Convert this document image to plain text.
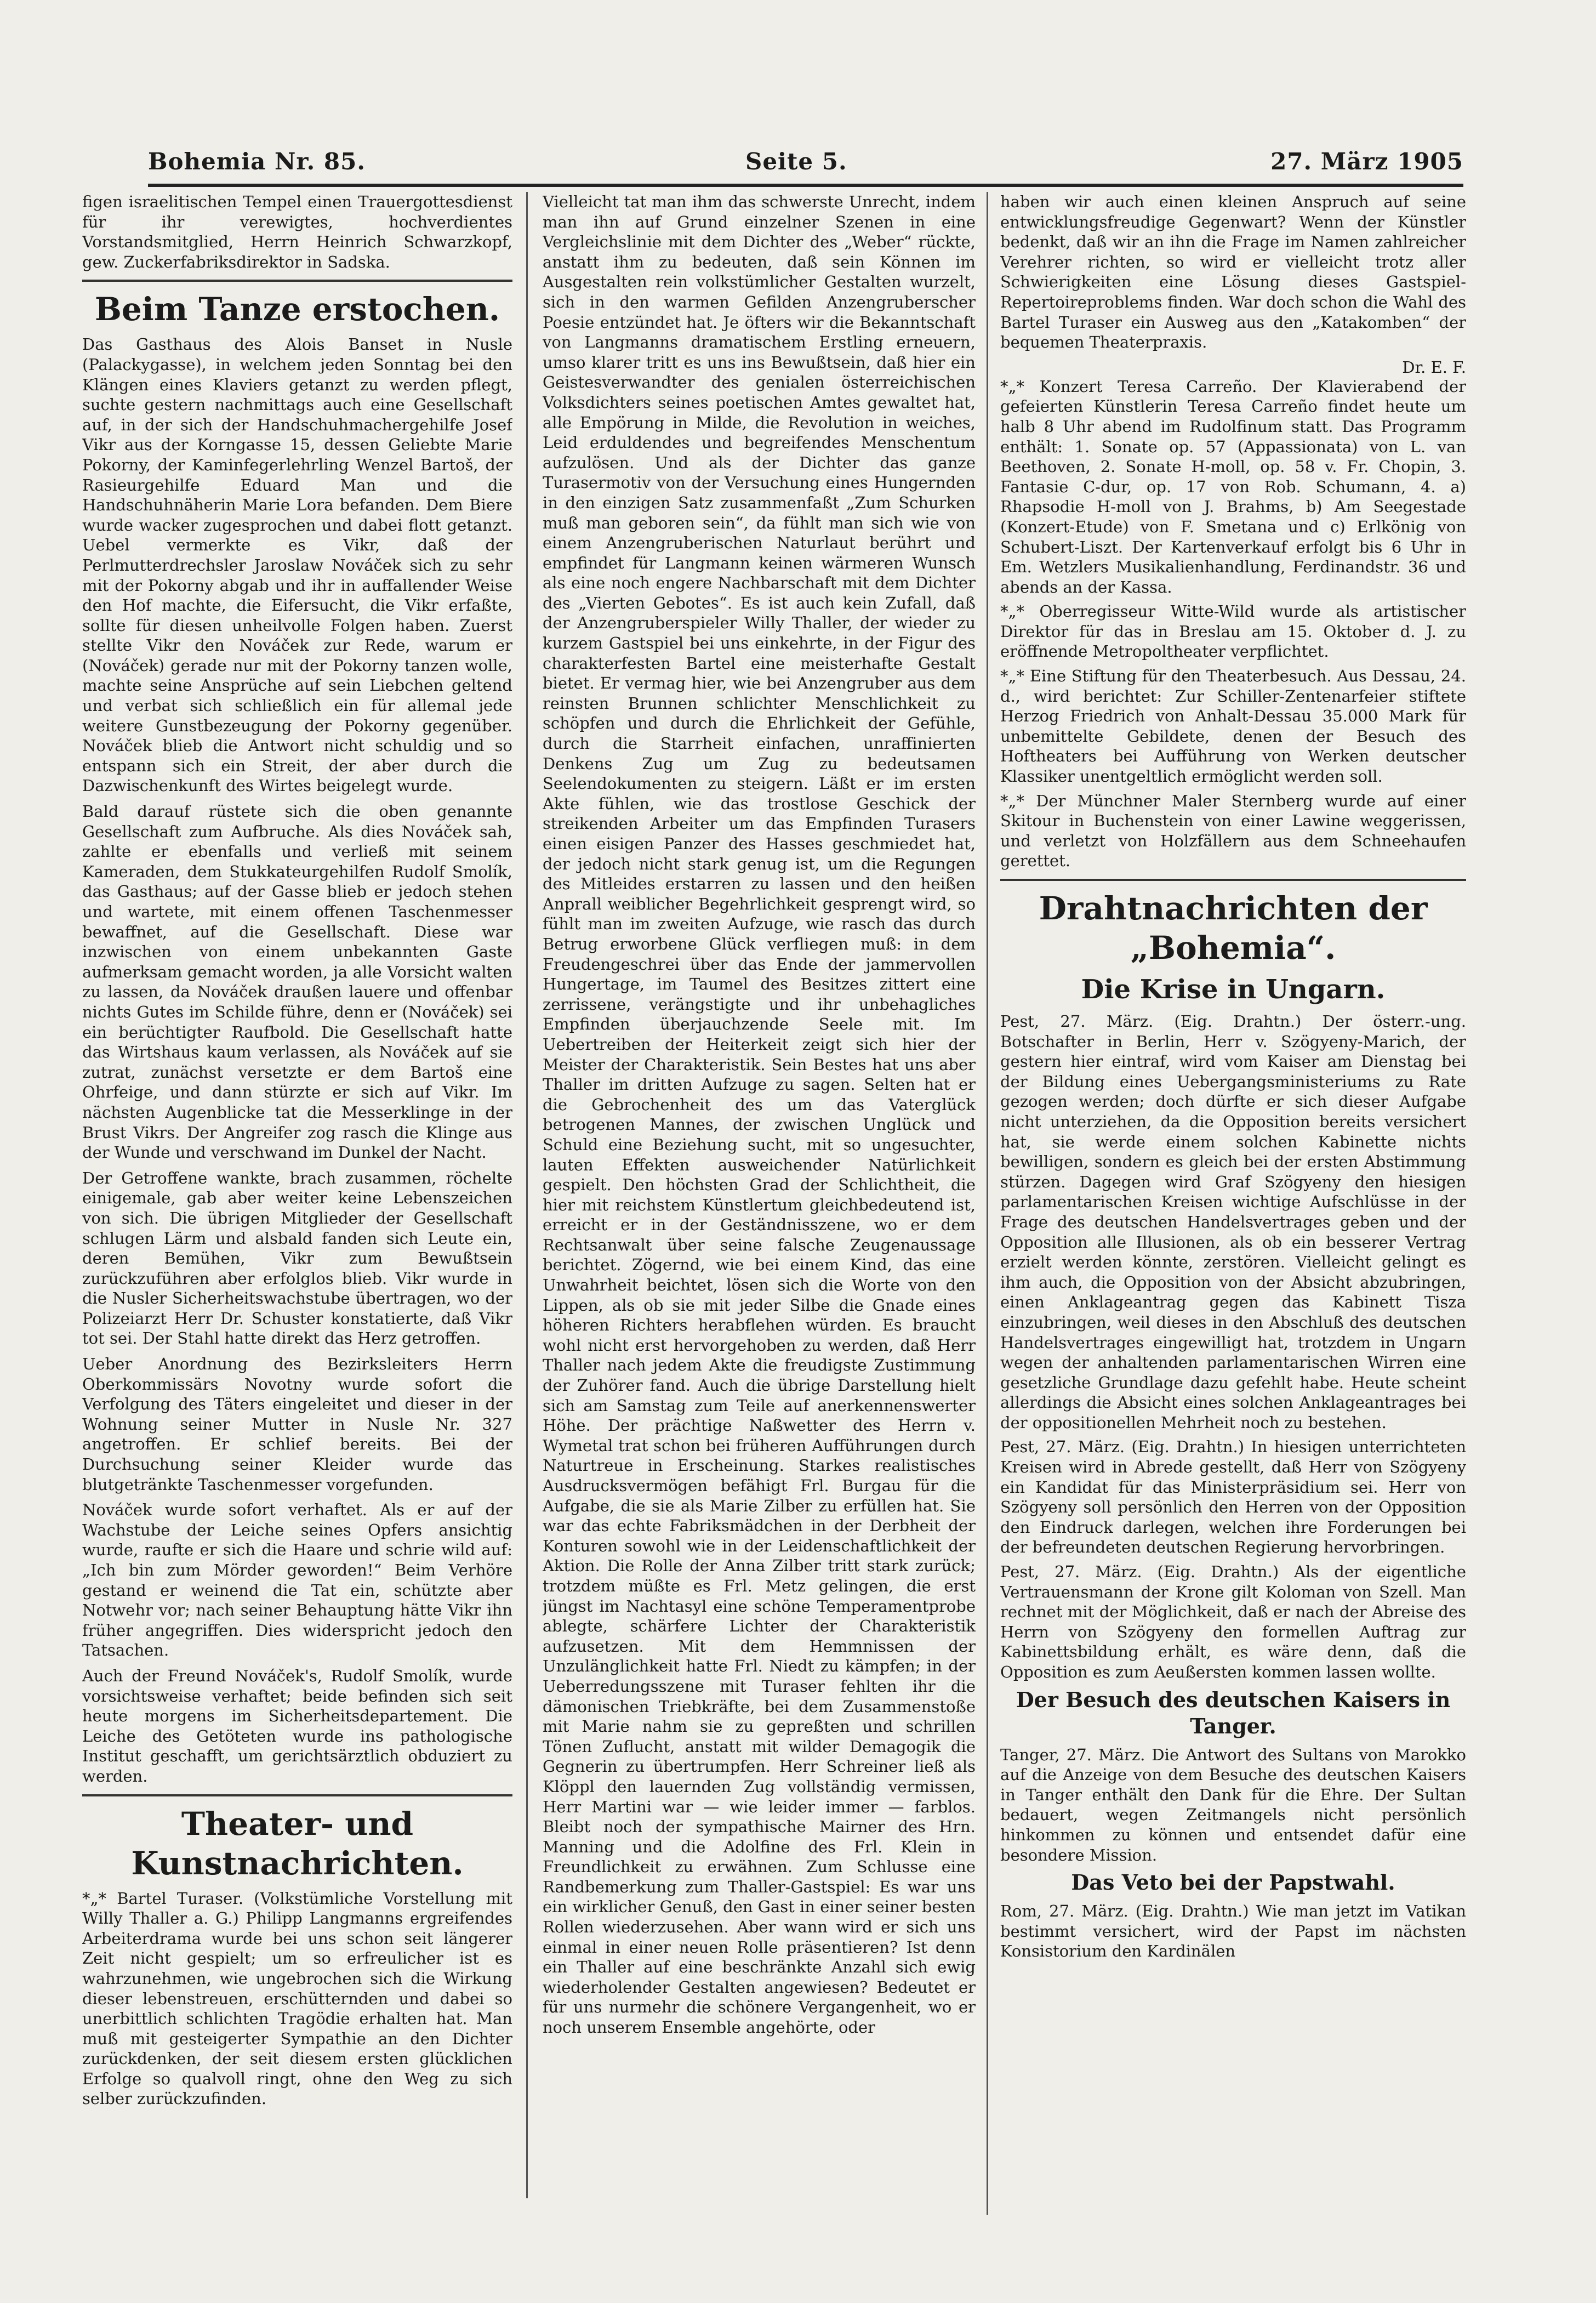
Bohemia Nr. 85.	Seite 5.	27. März 1905

figen israelitischen Tempel einen Trauergottesdienst für ihr verewigtes, hochverdientes Vorstandsmitglied, Herrn Heinrich Schwarzkopf, gew. Zuckerfabriksdirektor in Sadska.

Beim Tanze erstochen.

Das Gasthaus des Alois Banset in Nusle (Palackygasse), in welchem jeden Sonntag bei den Klängen eines Klaviers getanzt zu werden pflegt, suchte gestern nachmittags auch eine Gesellschaft auf, in der sich der Handschuhmachergehilfe Josef Vikr aus der Korngasse 15, dessen Geliebte Marie Pokorny, der Kaminfegerlehrling Wenzel Bartoš, der Rasieurgehilfe Eduard Man und die Handschuhnäherin Marie Lora befanden. Dem Biere wurde wacker zugesprochen und dabei flott getanzt. Uebel vermerkte es Vikr, daß der Perlmutterdrechsler Jaroslaw Nováček sich zu sehr mit der Pokorny abgab und ihr in auffallender Weise den Hof machte, die Eifersucht, die Vikr erfaßte, sollte für diesen unheilvolle Folgen haben. Zuerst stellte Vikr den Nováček zur Rede, warum er (Nováček) gerade nur mit der Pokorny tanzen wolle, machte seine Ansprüche auf sein Liebchen geltend und verbat sich schließlich ein für allemal jede weitere Gunstbezeugung der Pokorny gegenüber. Nováček blieb die Antwort nicht schuldig und so entspann sich ein Streit, der aber durch die Dazwischenkunft des Wirtes beigelegt wurde.

Bald darauf rüstete sich die oben genannte Gesellschaft zum Aufbruche. Als dies Nováček sah, zahlte er ebenfalls und verließ mit seinem Kameraden, dem Stukkateurgehilfen Rudolf Smolík, das Gasthaus; auf der Gasse blieb er jedoch stehen und wartete, mit einem offenen Taschenmesser bewaffnet, auf die Gesellschaft. Diese war inzwischen von einem unbekannten Gaste aufmerksam gemacht worden, ja alle Vorsicht walten zu lassen, da Nováček draußen lauere und offenbar nichts Gutes im Schilde führe, denn er (Nováček) sei ein berüchtigter Raufbold. Die Gesellschaft hatte das Wirtshaus kaum verlassen, als Nováček auf sie zutrat, zunächst versetzte er dem Bartoš eine Ohrfeige, und dann stürzte er sich auf Vikr. Im nächsten Augenblicke tat die Messerklinge in der Brust Vikrs. Der Angreifer zog rasch die Klinge aus der Wunde und verschwand im Dunkel der Nacht.

Der Getroffene wankte, brach zusammen, röchelte einigemale, gab aber weiter keine Lebenszeichen von sich. Die übrigen Mitglieder der Gesellschaft schlugen Lärm und alsbald fanden sich Leute ein, deren Bemühen, Vikr zum Bewußtsein zurückzuführen aber erfolglos blieb. Vikr wurde in die Nusler Sicherheitswachstube übertragen, wo der Polizeiarzt Herr Dr. Schuster konstatierte, daß Vikr tot sei. Der Stahl hatte direkt das Herz getroffen.

Ueber Anordnung des Bezirksleiters Herrn Oberkommissärs Novotny wurde sofort die Verfolgung des Täters eingeleitet und dieser in der Wohnung seiner Mutter in Nusle Nr. 327 angetroffen. Er schlief bereits. Bei der Durchsuchung seiner Kleider wurde das blutgetränkte Taschenmesser vorgefunden.

Nováček wurde sofort verhaftet. Als er auf der Wachstube der Leiche seines Opfers ansichtig wurde, raufte er sich die Haare und schrie wild auf: „Ich bin zum Mörder geworden!“ Beim Verhöre gestand er weinend die Tat ein, schützte aber Notwehr vor; nach seiner Behauptung hätte Vikr ihn früher angegriffen. Dies widerspricht jedoch den Tatsachen.

Auch der Freund Nováček's, Rudolf Smolík, wurde vorsichtsweise verhaftet; beide befinden sich seit heute morgens im Sicherheitsdepartement. Die Leiche des Getöteten wurde ins pathologische Institut geschafft, um gerichtsärztlich obduziert zu werden.

Theater- und Kunstnachrichten.

*„* Bartel Turaser. (Volkstümliche Vorstellung mit Willy Thaller a. G.) Philipp Langmanns ergreifendes Arbeiterdrama wurde bei uns schon seit längerer Zeit nicht gespielt; um so erfreulicher ist es wahrzunehmen, wie ungebrochen sich die Wirkung dieser lebenstreuen, erschütternden und dabei so unerbittlich schlichten Tragödie erhalten hat. Man muß mit gesteigerter Sympathie an den Dichter zurückdenken, der seit diesem ersten glücklichen Erfolge so qualvoll ringt, ohne den Weg zu sich selber zurückzufinden.

Vielleicht tat man ihm das schwerste Unrecht, indem man ihn auf Grund einzelner Szenen in eine Vergleichslinie mit dem Dichter des „Weber“ rückte, anstatt ihm zu bedeuten, daß sein Können im Ausgestalten rein volkstümlicher Gestalten wurzelt, sich in den warmen Gefilden Anzengruberscher Poesie entzündet hat. Je öfters wir die Bekanntschaft von Langmanns dramatischem Erstling erneuern, umso klarer tritt es uns ins Bewußtsein, daß hier ein Geistesverwandter des genialen österreichischen Volksdichters seines poetischen Amtes gewaltet hat, alle Empörung in Milde, die Revolution in weiches, Leid erduldendes und begreifendes Menschentum aufzulösen. Und als der Dichter das ganze Turasermotiv von der Versuchung eines Hungernden in den einzigen Satz zusammenfaßt „Zum Schurken muß man geboren sein“, da fühlt man sich wie von einem Anzengruberischen Naturlaut berührt und empfindet für Langmann keinen wärmeren Wunsch als eine noch engere Nachbarschaft mit dem Dichter des „Vierten Gebotes“. Es ist auch kein Zufall, daß der Anzengruberspieler Willy Thaller, der wieder zu kurzem Gastspiel bei uns einkehrte, in der Figur des charakterfesten Bartel eine meisterhafte Gestalt bietet. Er vermag hier, wie bei Anzengruber aus dem reinsten Brunnen schlichter Menschlichkeit zu schöpfen und durch die Ehrlichkeit der Gefühle, durch die Starrheit einfachen, unraffinierten Denkens Zug um Zug zu bedeutsamen Seelendokumenten zu steigern. Läßt er im ersten Akte fühlen, wie das trostlose Geschick der streikenden Arbeiter um das Empfinden Turasers einen eisigen Panzer des Hasses geschmiedet hat, der jedoch nicht stark genug ist, um die Regungen des Mitleides erstarren zu lassen und den heißen Anprall weiblicher Begehrlichkeit gesprengt wird, so fühlt man im zweiten Aufzuge, wie rasch das durch Betrug erworbene Glück verfliegen muß: in dem Freudengeschrei über das Ende der jammervollen Hungertage, im Taumel des Besitzes zittert eine zerrissene, verängstigte und ihr unbehagliches Empfinden überjauchzende Seele mit. Im Uebertreiben der Heiterkeit zeigt sich hier der Meister der Charakteristik. Sein Bestes hat uns aber Thaller im dritten Aufzuge zu sagen. Selten hat er die Gebrochenheit des um das Vaterglück betrogenen Mannes, der zwischen Unglück und Schuld eine Beziehung sucht, mit so ungesuchter, lauten Effekten ausweichender Natürlichkeit gespielt. Den höchsten Grad der Schlichtheit, die hier mit reichstem Künstlertum gleichbedeutend ist, erreicht er in der Geständnisszene, wo er dem Rechtsanwalt über seine falsche Zeugenaussage berichtet. Zögernd, wie bei einem Kind, das eine Unwahrheit beichtet, lösen sich die Worte von den Lippen, als ob sie mit jeder Silbe die Gnade eines höheren Richters herabflehen würden. Es braucht wohl nicht erst hervorgehoben zu werden, daß Herr Thaller nach jedem Akte die freudigste Zustimmung der Zuhörer fand. Auch die übrige Darstellung hielt sich am Samstag zum Teile auf anerkennenswerter Höhe. Der prächtige Naßwetter des Herrn v. Wymetal trat schon bei früheren Aufführungen durch Naturtreue in Erscheinung. Starkes realistisches Ausdrucksvermögen befähigt Frl. Burgau für die Aufgabe, die sie als Marie Zilber zu erfüllen hat. Sie war das echte Fabriksmädchen in der Derbheit der Konturen sowohl wie in der Leidenschaftlichkeit der Aktion. Die Rolle der Anna Zilber tritt stark zurück; trotzdem müßte es Frl. Metz gelingen, die erst jüngst im Nachtasyl eine schöne Temperamentprobe ablegte, schärfere Lichter der Charakteristik aufzusetzen. Mit dem Hemmnissen der Unzulänglichkeit hatte Frl. Niedt zu kämpfen; in der Ueberredungsszene mit Turaser fehlten ihr die dämonischen Triebkräfte, bei dem Zusammenstoße mit Marie nahm sie zu gepreßten und schrillen Tönen Zuflucht, anstatt mit wilder Demagogik die Gegnerin zu übertrumpfen. Herr Schreiner ließ als Klöppl den lauernden Zug vollständig vermissen, Herr Martini war — wie leider immer — farblos. Bleibt noch der sympathische Mairner des Hrn. Manning und die Adolfine des Frl. Klein in Freundlichkeit zu erwähnen. Zum Schlusse eine Randbemerkung zum Thaller-Gastspiel: Es war uns ein wirklicher Genuß, den Gast in einer seiner besten Rollen wiederzusehen. Aber wann wird er sich uns einmal in einer neuen Rolle präsentieren? Ist denn ein Thaller auf eine beschränkte Anzahl sich ewig wiederholender Gestalten angewiesen? Bedeutet er für uns nurmehr die schönere Vergangenheit, wo er noch unserem Ensemble angehörte, oder

haben wir auch einen kleinen Anspruch auf seine entwicklungsfreudige Gegenwart? Wenn der Künstler bedenkt, daß wir an ihn die Frage im Namen zahlreicher Verehrer richten, so wird er vielleicht trotz aller Schwierigkeiten eine Lösung dieses Gastspiel-Repertoireproblems finden. War doch schon die Wahl des Bartel Turaser ein Ausweg aus den „Katakomben“ der bequemen Theaterpraxis.

Dr. E. F.

*„* Konzert Teresa Carreño. Der Klavierabend der gefeierten Künstlerin Teresa Carreño findet heute um halb 8 Uhr abend im Rudolfinum statt. Das Programm enthält: 1. Sonate op. 57 (Appassionata) von L. van Beethoven, 2. Sonate H-moll, op. 58 v. Fr. Chopin, 3. Fantasie C-dur, op. 17 von Rob. Schumann, 4. a) Rhapsodie H-moll von J. Brahms, b) Am Seegestade (Konzert-Etude) von F. Smetana und c) Erlkönig von Schubert-Liszt. Der Kartenverkauf erfolgt bis 6 Uhr in Em. Wetzlers Musikalienhandlung, Ferdinandstr. 36 und abends an der Kassa.

*„* Oberregisseur Witte-Wild wurde als artistischer Direktor für das in Breslau am 15. Oktober d. J. zu eröffnende Metropoltheater verpflichtet.

*„* Eine Stiftung für den Theaterbesuch. Aus Dessau, 24. d., wird berichtet: Zur Schiller-Zentenarfeier stiftete Herzog Friedrich von Anhalt-Dessau 35.000 Mark für unbemittelte Gebildete, denen der Besuch des Hoftheaters bei Aufführung von Werken deutscher Klassiker unentgeltlich ermöglicht werden soll.

*„* Der Münchner Maler Sternberg wurde auf einer Skitour in Buchenstein von einer Lawine weggerissen, und verletzt von Holzfällern aus dem Schneehaufen gerettet.

Drahtnachrichten der „Bohemia“.
Die Krise in Ungarn.

Pest, 27. März. (Eig. Drahtn.) Der österr.-ung. Botschafter in Berlin, Herr v. Szögyeny-Marich, der gestern hier eintraf, wird vom Kaiser am Dienstag bei der Bildung eines Uebergangsministeriums zu Rate gezogen werden; doch dürfte er sich dieser Aufgabe nicht unterziehen, da die Opposition bereits versichert hat, sie werde einem solchen Kabinette nichts bewilligen, sondern es gleich bei der ersten Abstimmung stürzen. Dagegen wird Graf Szögyeny den hiesigen parlamentarischen Kreisen wichtige Aufschlüsse in der Frage des deutschen Handelsvertrages geben und der Opposition alle Illusionen, als ob ein besserer Vertrag erzielt werden könnte, zerstören. Vielleicht gelingt es ihm auch, die Opposition von der Absicht abzubringen, einen Anklageantrag gegen das Kabinett Tisza einzubringen, weil dieses in den Abschluß des deutschen Handelsvertrages eingewilligt hat, trotzdem in Ungarn wegen der anhaltenden parlamentarischen Wirren eine gesetzliche Grundlage dazu gefehlt habe. Heute scheint allerdings die Absicht eines solchen Anklageantrages bei der oppositionellen Mehrheit noch zu bestehen.

Pest, 27. März. (Eig. Drahtn.) In hiesigen unterrichteten Kreisen wird in Abrede gestellt, daß Herr von Szögyeny ein Kandidat für das Ministerpräsidium sei. Herr von Szögyeny soll persönlich den Herren von der Opposition den Eindruck darlegen, welchen ihre Forderungen bei der befreundeten deutschen Regierung hervorbringen.

Pest, 27. März. (Eig. Drahtn.) Als der eigentliche Vertrauensmann der Krone gilt Koloman von Szell. Man rechnet mit der Möglichkeit, daß er nach der Abreise des Herrn von Szögyeny den formellen Auftrag zur Kabinettsbildung erhält, es wäre denn, daß die Opposition es zum Aeußersten kommen lassen wollte.

Der Besuch des deutschen Kaisers in Tanger.

Tanger, 27. März. Die Antwort des Sultans von Marokko auf die Anzeige von dem Besuche des deutschen Kaisers in Tanger enthält den Dank für die Ehre. Der Sultan bedauert, wegen Zeitmangels nicht persönlich hinkommen zu können und entsendet dafür eine besondere Mission.

Das Veto bei der Papstwahl.

Rom, 27. März. (Eig. Drahtn.) Wie man jetzt im Vatikan bestimmt versichert, wird der Papst im nächsten Konsistorium den Kardinälen
